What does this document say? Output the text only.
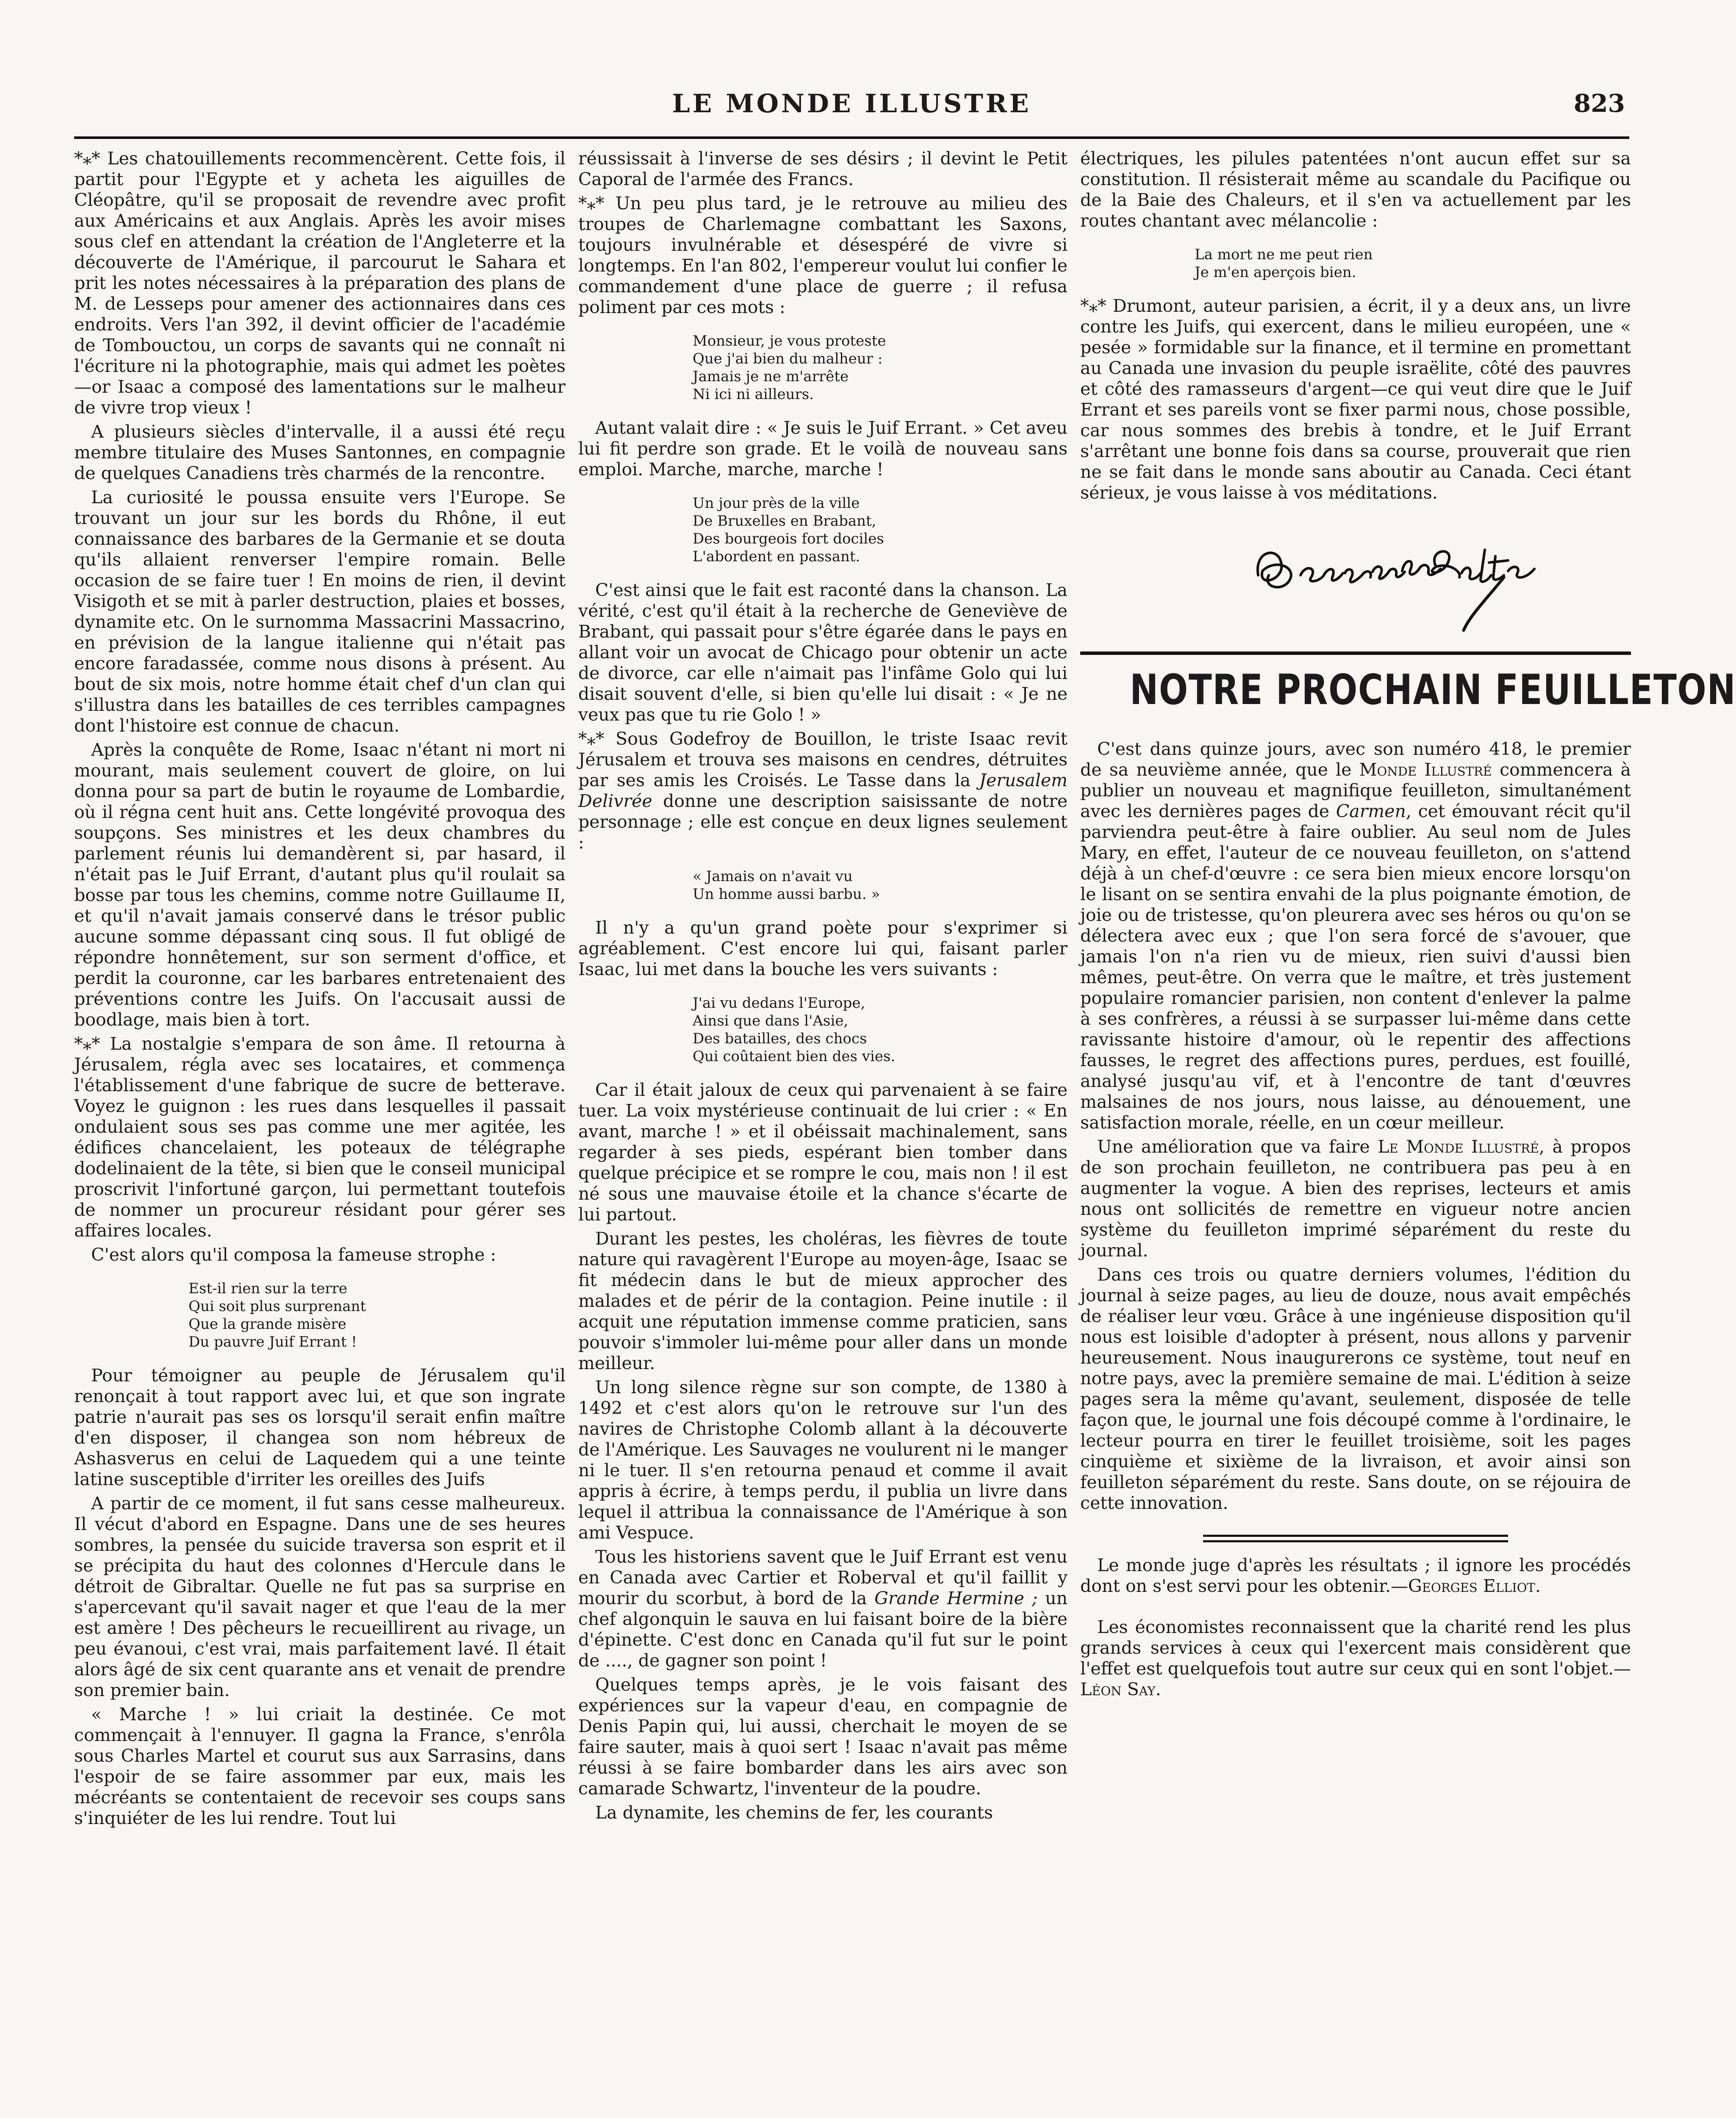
LE MONDE ILLUSTRE	823

*⁎* Les chatouillements recommencèrent. Cette fois, il partit pour l'Egypte et y acheta les aiguilles de Cléopâtre, qu'il se proposait de revendre avec profit aux Américains et aux Anglais. Après les avoir mises sous clef en attendant la création de l'Angleterre et la découverte de l'Amérique, il parcourut le Sahara et prit les notes nécessaires à la préparation des plans de M. de Lesseps pour amener des actionnaires dans ces endroits. Vers l'an 392, il devint officier de l'académie de Tombouctou, un corps de savants qui ne connaît ni l'écriture ni la photographie, mais qui admet les poètes—or Isaac a composé des lamentations sur le malheur de vivre trop vieux !

A plusieurs siècles d'intervalle, il a aussi été reçu membre titulaire des Muses Santonnes, en compagnie de quelques Canadiens très charmés de la rencontre.

La curiosité le poussa ensuite vers l'Europe. Se trouvant un jour sur les bords du Rhône, il eut connaissance des barbares de la Germanie et se douta qu'ils allaient renverser l'empire romain. Belle occasion de se faire tuer ! En moins de rien, il devint Visigoth et se mit à parler destruction, plaies et bosses, dynamite etc. On le surnomma Massacrini Massacrino, en prévision de la langue italienne qui n'était pas encore faradassée, comme nous disons à présent. Au bout de six mois, notre homme était chef d'un clan qui s'illustra dans les batailles de ces terribles campagnes dont l'histoire est connue de chacun.

Après la conquête de Rome, Isaac n'étant ni mort ni mourant, mais seulement couvert de gloire, on lui donna pour sa part de butin le royaume de Lombardie, où il régna cent huit ans. Cette longévité provoqua des soupçons. Ses ministres et les deux chambres du parlement réunis lui demandèrent si, par hasard, il n'était pas le Juif Errant, d'autant plus qu'il roulait sa bosse par tous les chemins, comme notre Guillaume II, et qu'il n'avait jamais conservé dans le trésor public aucune somme dépassant cinq sous. Il fut obligé de répondre honnêtement, sur son serment d'office, et perdit la couronne, car les barbares entretenaient des préventions contre les Juifs. On l'accusait aussi de boodlage, mais bien à tort.

*⁎* La nostalgie s'empara de son âme. Il retourna à Jérusalem, régla avec ses locataires, et commença l'établissement d'une fabrique de sucre de betterave. Voyez le guignon : les rues dans lesquelles il passait ondulaient sous ses pas comme une mer agitée, les édifices chancelaient, les poteaux de télégraphe dodelinaient de la tête, si bien que le conseil municipal proscrivit l'infortuné garçon, lui permettant toutefois de nommer un procureur résidant pour gérer ses affaires locales.

C'est alors qu'il composa la fameuse strophe :

Est-il rien sur la terre
Qui soit plus surprenant
Que la grande misère
Du pauvre Juif Errant !

Pour témoigner au peuple de Jérusalem qu'il renonçait à tout rapport avec lui, et que son ingrate patrie n'aurait pas ses os lorsqu'il serait enfin maître d'en disposer, il changea son nom hébreux de Ashasverus en celui de Laquedem qui a une teinte latine susceptible d'irriter les oreilles des Juifs

A partir de ce moment, il fut sans cesse malheureux. Il vécut d'abord en Espagne. Dans une de ses heures sombres, la pensée du suicide traversa son esprit et il se précipita du haut des colonnes d'Hercule dans le détroit de Gibraltar. Quelle ne fut pas sa surprise en s'apercevant qu'il savait nager et que l'eau de la mer est amère ! Des pêcheurs le recueillirent au rivage, un peu évanoui, c'est vrai, mais parfaitement lavé. Il était alors âgé de six cent quarante ans et venait de prendre son premier bain.

« Marche ! » lui criait la destinée. Ce mot commençait à l'ennuyer. Il gagna la France, s'enrôla sous Charles Martel et courut sus aux Sarrasins, dans l'espoir de se faire assommer par eux, mais les mécréants se contentaient de recevoir ses coups sans s'inquiéter de les lui rendre. Tout lui

réussissait à l'inverse de ses désirs ; il devint le Petit Caporal de l'armée des Francs.

*⁎* Un peu plus tard, je le retrouve au milieu des troupes de Charlemagne combattant les Saxons, toujours invulnérable et désespéré de vivre si longtemps. En l'an 802, l'empereur voulut lui confier le commandement d'une place de guerre ; il refusa poliment par ces mots :

Monsieur, je vous proteste
Que j'ai bien du malheur :
Jamais je ne m'arrête
Ni ici ni ailleurs.

Autant valait dire : « Je suis le Juif Errant. » Cet aveu lui fit perdre son grade. Et le voilà de nouveau sans emploi. Marche, marche, marche !

Un jour près de la ville
De Bruxelles en Brabant,
Des bourgeois fort dociles
L'abordent en passant.

C'est ainsi que le fait est raconté dans la chanson. La vérité, c'est qu'il était à la recherche de Geneviève de Brabant, qui passait pour s'être égarée dans le pays en allant voir un avocat de Chicago pour obtenir un acte de divorce, car elle n'aimait pas l'infâme Golo qui lui disait souvent d'elle, si bien qu'elle lui disait : « Je ne veux pas que tu rie Golo ! »

*⁎* Sous Godefroy de Bouillon, le triste Isaac revit Jérusalem et trouva ses maisons en cendres, détruites par ses amis les Croisés. Le Tasse dans la Jerusalem Delivrée donne une description saisissante de notre personnage ; elle est conçue en deux lignes seulement :

« Jamais on n'avait vu
Un homme aussi barbu. »

Il n'y a qu'un grand poète pour s'exprimer si agréablement. C'est encore lui qui, faisant parler Isaac, lui met dans la bouche les vers suivants :

J'ai vu dedans l'Europe,
Ainsi que dans l'Asie,
Des batailles, des chocs
Qui coûtaient bien des vies.

Car il était jaloux de ceux qui parvenaient à se faire tuer. La voix mystérieuse continuait de lui crier : « En avant, marche ! » et il obéissait machinalement, sans regarder à ses pieds, espérant bien tomber dans quelque précipice et se rompre le cou, mais non ! il est né sous une mauvaise étoile et la chance s'écarte de lui partout.

Durant les pestes, les choléras, les fièvres de toute nature qui ravagèrent l'Europe au moyen-âge, Isaac se fit médecin dans le but de mieux approcher des malades et de périr de la contagion. Peine inutile : il acquit une réputation immense comme praticien, sans pouvoir s'immoler lui-même pour aller dans un monde meilleur.

Un long silence règne sur son compte, de 1380 à 1492 et c'est alors qu'on le retrouve sur l'un des navires de Christophe Colomb allant à la découverte de l'Amérique. Les Sauvages ne voulurent ni le manger ni le tuer. Il s'en retourna penaud et comme il avait appris à écrire, à temps perdu, il publia un livre dans lequel il attribua la connaissance de l'Amérique à son ami Vespuce.

Tous les historiens savent que le Juif Errant est venu en Canada avec Cartier et Roberval et qu'il faillit y mourir du scorbut, à bord de la Grande Hermine ; un chef algonquin le sauva en lui faisant boire de la bière d'épinette. C'est donc en Canada qu'il fut sur le point de ...., de gagner son point !

Quelques temps après, je le vois faisant des expériences sur la vapeur d'eau, en compagnie de Denis Papin qui, lui aussi, cherchait le moyen de se faire sauter, mais à quoi sert ! Isaac n'avait pas même réussi à se faire bombarder dans les airs avec son camarade Schwartz, l'inventeur de la poudre.

La dynamite, les chemins de fer, les courants

électriques, les pilules patentées n'ont aucun effet sur sa constitution. Il résisterait même au scandale du Pacifique ou de la Baie des Chaleurs, et il s'en va actuellement par les routes chantant avec mélancolie :

La mort ne me peut rien
Je m'en aperçois bien.

*⁎* Drumont, auteur parisien, a écrit, il y a deux ans, un livre contre les Juifs, qui exercent, dans le milieu européen, une « pesée » formidable sur la finance, et il termine en promettant au Canada une invasion du peuple israëlite, côté des pauvres et côté des ramasseurs d'argent—ce qui veut dire que le Juif Errant et ses pareils vont se fixer parmi nous, chose possible, car nous sommes des brebis à tondre, et le Juif Errant s'arrêtant une bonne fois dans sa course, prouverait que rien ne se fait dans le monde sans aboutir au Canada. Ceci étant sérieux, je vous laisse à vos méditations.

NOTRE PROCHAIN FEUILLETON

C'est dans quinze jours, avec son numéro 418, le premier de sa neuvième année, que le Monde Illustré commencera à publier un nouveau et magnifique feuilleton, simultanément avec les dernières pages de Carmen, cet émouvant récit qu'il parviendra peut-être à faire oublier. Au seul nom de Jules Mary, en effet, l'auteur de ce nouveau feuilleton, on s'attend déjà à un chef-d'œuvre : ce sera bien mieux encore lorsqu'on le lisant on se sentira envahi de la plus poignante émotion, de joie ou de tristesse, qu'on pleurera avec ses héros ou qu'on se délectera avec eux ; que l'on sera forcé de s'avouer, que jamais l'on n'a rien vu de mieux, rien suivi d'aussi bien mêmes, peut-être. On verra que le maître, et très justement populaire romancier parisien, non content d'enlever la palme à ses confrères, a réussi à se surpasser lui-même dans cette ravissante histoire d'amour, où le repentir des affections fausses, le regret des affections pures, perdues, est fouillé, analysé jusqu'au vif, et à l'encontre de tant d'œuvres malsaines de nos jours, nous laisse, au dénouement, une satisfaction morale, réelle, en un cœur meilleur.

Une amélioration que va faire Le Monde Illustré, à propos de son prochain feuilleton, ne contribuera pas peu à en augmenter la vogue. A bien des reprises, lecteurs et amis nous ont sollicités de remettre en vigueur notre ancien système du feuilleton imprimé séparément du reste du journal.

Dans ces trois ou quatre derniers volumes, l'édition du journal à seize pages, au lieu de douze, nous avait empêchés de réaliser leur vœu. Grâce à une ingénieuse disposition qu'il nous est loisible d'adopter à présent, nous allons y parvenir heureusement. Nous inaugurerons ce système, tout neuf en notre pays, avec la première semaine de mai. L'édition à seize pages sera la même qu'avant, seulement, disposée de telle façon que, le journal une fois découpé comme à l'ordinaire, le lecteur pourra en tirer le feuillet troisième, soit les pages cinquième et sixième de la livraison, et avoir ainsi son feuilleton séparément du reste. Sans doute, on se réjouira de cette innovation.

Le monde juge d'après les résultats ; il ignore les procédés dont on s'est servi pour les obtenir.—Georges Elliot.

Les économistes reconnaissent que la charité rend les plus grands services à ceux qui l'exercent mais considèrent que l'effet est quelquefois tout autre sur ceux qui en sont l'objet.—Léon Say.
